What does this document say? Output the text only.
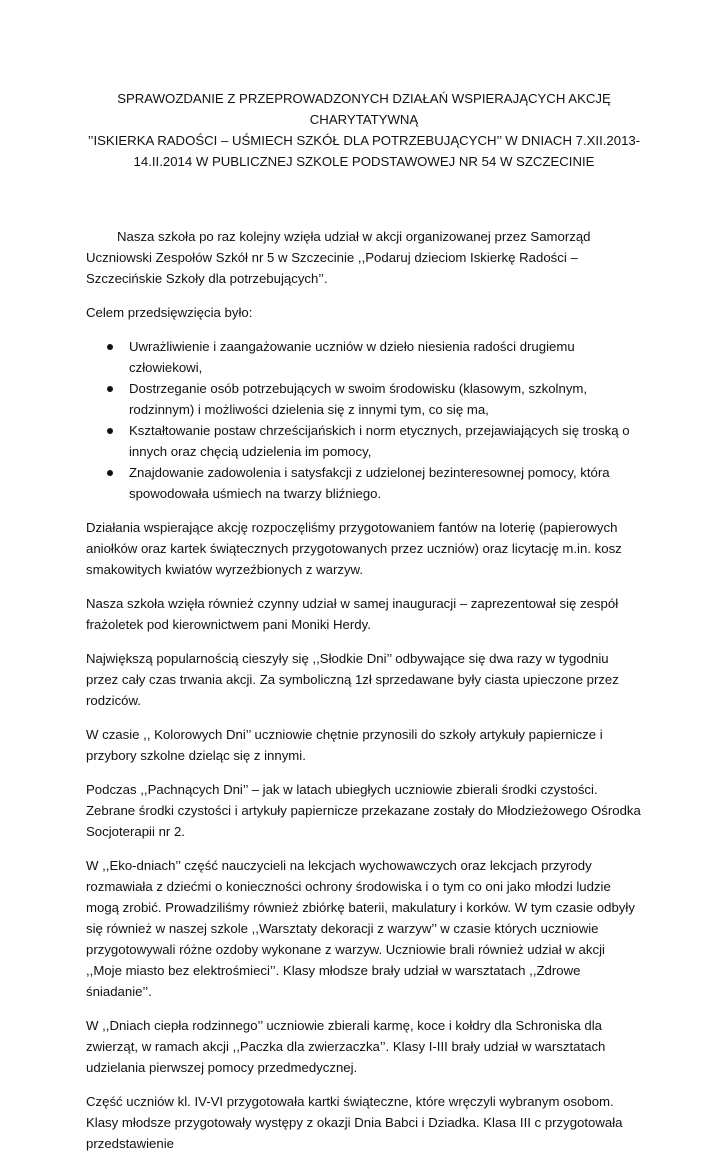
SPRAWOZDANIE Z PRZEPROWADZONYCH DZIAŁAŃ WSPIERAJĄCYCH AKCJĘ CHARYTATYWNĄ
’’ISKIERKA RADOŚCI – UŚMIECH SZKÓŁ DLA POTRZEBUJĄCYCH’’ W DNIACH 7.XII.2013-
14.II.2014 W PUBLICZNEJ SZKOLE PODSTAWOWEJ NR 54 W SZCZECINIE

Nasza szkoła po raz kolejny wzięła udział w akcji organizowanej przez Samorząd Uczniowski Zespołów Szkół nr 5 w Szczecinie ,,Podaruj dzieciom Iskierkę Radości – Szczecińskie Szkoły dla potrzebujących’’.

Celem przedsięwzięcia było:

Uwrażliwienie i zaangażowanie uczniów w dzieło niesienia radości drugiemu człowiekowi,
Dostrzeganie osób potrzebujących w swoim środowisku (klasowym, szkolnym, rodzinnym) i możliwości dzielenia się z innymi tym, co się ma,
Kształtowanie postaw chrześcijańskich i norm etycznych, przejawiających się troską o innych oraz chęcią udzielenia im pomocy,
Znajdowanie zadowolenia i satysfakcji z udzielonej bezinteresownej pomocy, która spowodowała uśmiech na twarzy bliźniego.

Działania wspierające akcję rozpoczęliśmy przygotowaniem fantów na loterię (papierowych aniołków oraz kartek świątecznych przygotowanych przez uczniów) oraz licytację m.in. kosz smakowitych kwiatów wyrzeźbionych z warzyw.

Nasza szkoła wzięła również czynny udział w samej inauguracji – zaprezentował się zespół frażoletek pod kierownictwem pani Moniki Herdy.

Największą popularnością cieszyły się ,,Słodkie Dni’’ odbywające się dwa razy w tygodniu przez cały czas trwania akcji. Za symboliczną 1zł sprzedawane były ciasta upieczone przez rodziców.

W czasie ,, Kolorowych Dni’’ uczniowie chętnie przynosili do szkoły artykuły papiernicze i przybory szkolne dzieląc się z innymi.

Podczas ,,Pachnących Dni’’ – jak w latach ubiegłych uczniowie zbierali środki czystości. Zebrane środki czystości i artykuły papiernicze przekazane zostały do Młodzieżowego Ośrodka Socjoterapii nr 2.

W ,,Eko-dniach’’ część nauczycieli na lekcjach wychowawczych oraz lekcjach przyrody rozmawiała z dziećmi o konieczności ochrony środowiska i o tym co oni jako młodzi ludzie mogą zrobić. Prowadziliśmy również zbiórkę baterii, makulatury i korków. W tym czasie odbyły się również w naszej szkole ,,Warsztaty dekoracji z warzyw’’ w czasie których uczniowie przygotowywali różne ozdoby wykonane z warzyw. Uczniowie brali również udział w akcji ,,Moje miasto bez elektrośmieci’’. Klasy młodsze brały udział w warsztatach ,,Zdrowe śniadanie’’.

W ,,Dniach ciepła rodzinnego’’ uczniowie zbierali karmę, koce i kołdry dla Schroniska dla zwierząt, w ramach akcji ,,Paczka dla zwierzaczka’’. Klasy I-III brały udział w warsztatach udzielania pierwszej pomocy przedmedycznej.

Część uczniów kl. IV-VI przygotowała kartki świąteczne, które wręczyli wybranym osobom. Klasy młodsze przygotowały występy z okazji Dnia Babci i Dziadka. Klasa III c przygotowała przedstawienie
